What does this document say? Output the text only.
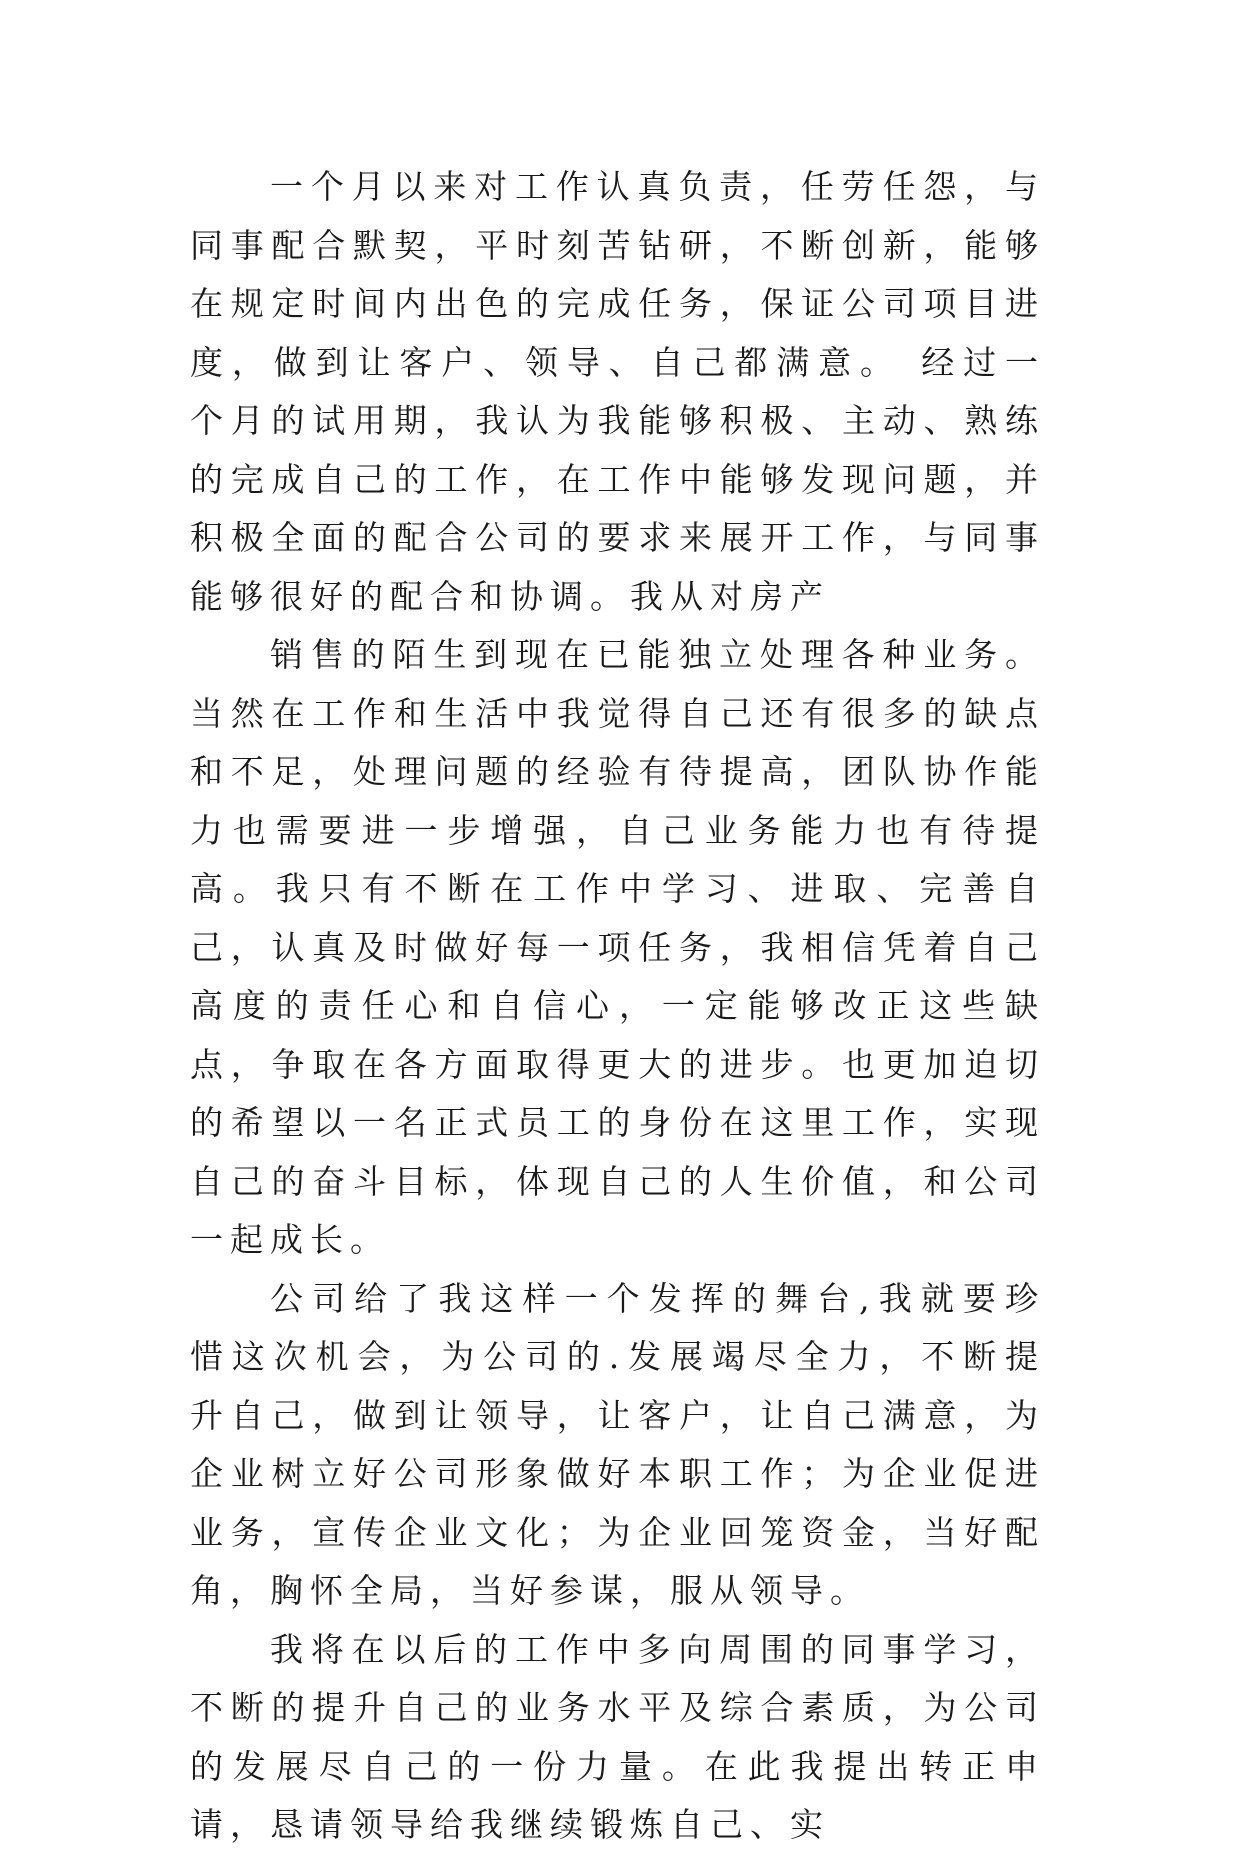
一个月以来对工作认真负责，任劳任怨，与同事配合默契，平时刻苦钻研，不断创新，能够在规定时间内出色的完成任务，保证公司项目进度，做到让客户、领导、自己都满意。 经过一个月的试用期，我认为我能够积极、主动、熟练的完成自己的工作，在工作中能够发现问题，并积极全面的配合公司的要求来展开工作，与同事能够很好的配合和协调。我从对房产

销售的陌生到现在已能独立处理各种业务。当然在工作和生活中我觉得自己还有很多的缺点和不足，处理问题的经验有待提高，团队协作能力也需要进一步增强，自己业务能力也有待提高。我只有不断在工作中学习、进取、完善自己，认真及时做好每一项任务，我相信凭着自己高度的责任心和自信心，一定能够改正这些缺点，争取在各方面取得更大的进步。也更加迫切的希望以一名正式员工的身份在这里工作，实现自己的奋斗目标，体现自己的人生价值，和公司一起成长。

公司给了我这样一个发挥的舞台,我就要珍惜这次机会，为公司的.发展竭尽全力，不断提升自己，做到让领导，让客户，让自己满意，为企业树立好公司形象做好本职工作；为企业促进业务，宣传企业文化；为企业回笼资金，当好配角，胸怀全局，当好参谋，服从领导。

我将在以后的工作中多向周围的同事学习，不断的提升自己的业务水平及综合素质，为公司的发展尽自己的一份力量。在此我提出转正申请，恳请领导给我继续锻炼自己、实
